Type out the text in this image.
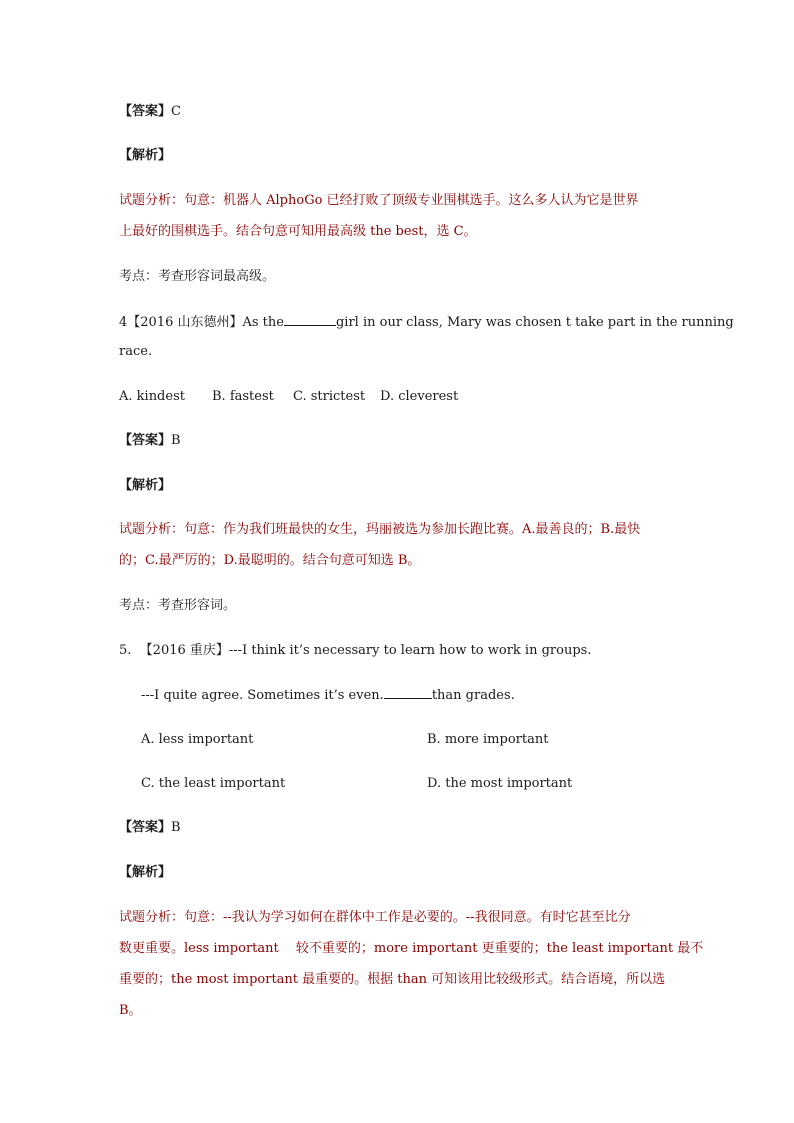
【答案】C
【解析】
试题分析：句意：机器人 AlphoGo 已经打败了顶级专业围棋选手。这么多人认为它是世界
上最好的围棋选手。结合句意可知用最高级 the best，选 C。
考点：考查形容词最高级。
4【2016 山东德州】As the	girl in our class, Mary was chosen t take part in the running
race.
A. kindest B. fastest C. strictest D. cleverest
【答案】B
【解析】
试题分析：句意：作为我们班最快的女生，玛丽被选为参加长跑比赛。A.最善良的；B.最快
的；C.最严厉的；D.最聪明的。结合句意可知选 B。
考点：考查形容词。
5. 【2016 重庆】---I think it’s necessary to learn how to work in groups.
---I quite agree. Sometimes it’s even.	than grades.
A. less important	B. more important
C. the least important	D. the most important
【答案】B
【解析】
试题分析：句意：--我认为学习如何在群体中工作是必要的。--我很同意。有时它甚至比分
数更重要。less important　 较不重要的；more important 更重要的；the least important 最不
重要的；the most important 最重要的。根据 than 可知该用比较级形式。结合语境，所以选
B。
